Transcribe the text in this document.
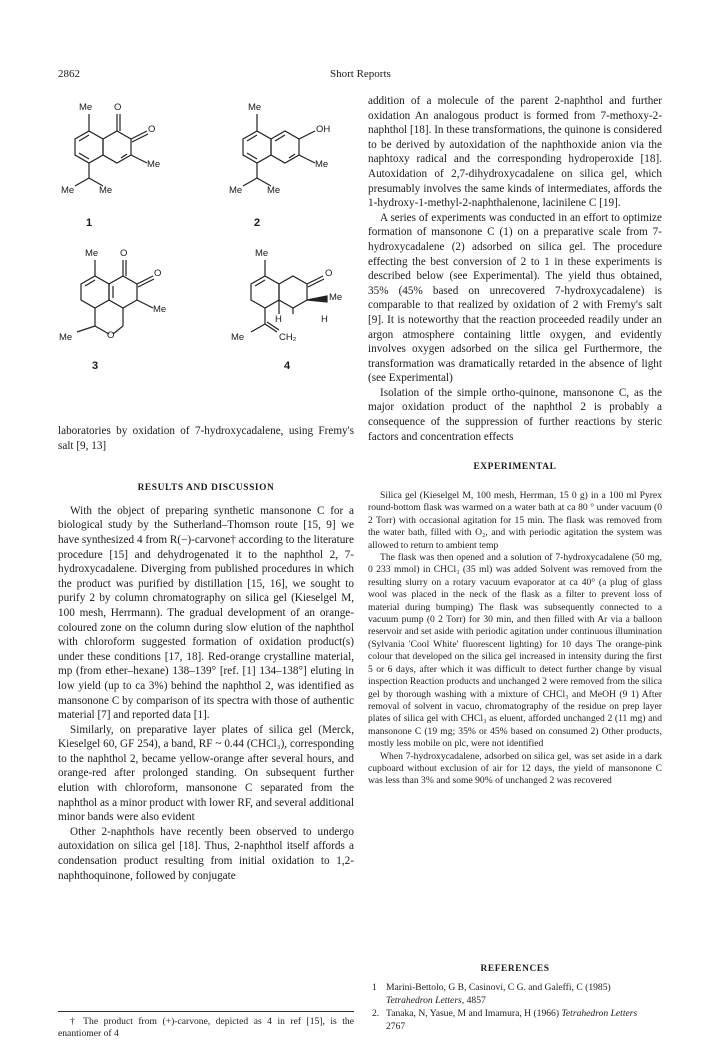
2862	Short Reports
Me O
O
Me
Me	Me
1
Me
OH
Me
Me	Me
2
Me O
O
Me
O
Me
3
Me
O
Me
H	H
Me	CH₂
4

laboratories by oxidation of 7-hydroxycadalene, using Fremy's salt [9, 13]

RESULTS AND DISCUSSION

With the object of preparing synthetic mansonone C for a biological study by the Sutherland–Thomson route [15, 9] we have synthesized 4 from R(−)-carvone† according to the literature procedure [15] and dehydrogenated it to the naphthol 2, 7-hydroxycadalene. Diverging from published procedures in which the product was purified by distillation [15, 16], we sought to purify 2 by column chromatography on silica gel (Kieselgel M, 100 mesh, Herrmann). The gradual development of an orange-coloured zone on the column during slow elution of the naphthol with chloroform suggested formation of oxidation product(s) under these conditions [17, 18]. Red-orange crystalline material, mp (from ether–hexane) 138–139° [ref. [1] 134–138°] eluting in low yield (up to ca 3%) behind the naphthol 2, was identified as mansonone C by comparison of its spectra with those of authentic material [7] and reported data [1].

Similarly, on preparative layer plates of silica gel (Merck, Kieselgel 60, GF 254), a band, RF ~ 0.44 (CHCl₃), corresponding to the naphthol 2, became yellow-orange after several hours, and orange-red after prolonged standing. On subsequent further elution with chloroform, mansonone C separated from the naphthol as a minor product with lower RF, and several additional minor bands were also evident

Other 2-naphthols have recently been observed to undergo autoxidation on silica gel [18]. Thus, 2-naphthol itself affords a condensation product resulting from initial oxidation to 1,2-naphthoquinone, followed by conjugate

† The product from (+)-carvone, depicted as 4 in ref [15], is the enantiomer of 4

addition of a molecule of the parent 2-naphthol and further oxidation An analogous product is formed from 7-methoxy-2-naphthol [18]. In these transformations, the quinone is considered to be derived by autoxidation of the naphthoxide anion via the naphtoxy radical and the corresponding hydroperoxide [18]. Autoxidation of 2,7-dihydroxycadalene on silica gel, which presumably involves the same kinds of intermediates, affords the 1-hydroxy-1-methyl-2-naphthalenone, lacinilene C [19].

A series of experiments was conducted in an effort to optimize formation of mansonone C (1) on a preparative scale from 7-hydroxycadalene (2) adsorbed on silica gel. The procedure effecting the best conversion of 2 to 1 in these experiments is described below (see Experimental). The yield thus obtained, 35% (45% based on unrecovered 7-hydroxycadalene) is comparable to that realized by oxidation of 2 with Fremy's salt [9]. It is noteworthy that the reaction proceeded readily under an argon atmosphere containing little oxygen, and evidently involves oxygen adsorbed on the silica gel Furthermore, the transformation was dramatically retarded in the absence of light (see Experimental)

Isolation of the simple ortho-quinone, mansonone C, as the major oxidation product of the naphthol 2 is probably a consequence of the suppression of further reactions by steric factors and concentration effects

EXPERIMENTAL

Silica gel (Kieselgel M, 100 mesh, Herrman, 15 0 g) in a 100 ml Pyrex round-bottom flask was warmed on a water bath at ca 80 ° under vacuum (0 2 Torr) with occasional agitation for 15 min. The flask was removed from the water bath, filled with O₂, and with periodic agitation the system was allowed to return to ambient temp

The flask was then opened and a solution of 7-hydroxycadalene (50 mg, 0 233 mmol) in CHCl₃ (35 ml) was added Solvent was removed from the resulting slurry on a rotary vacuum evaporator at ca 40° (a plug of glass wool was placed in the neck of the flask as a filter to prevent loss of material during bumping) The flask was subsequently connected to a vacuum pump (0 2 Torr) for 30 min, and then filled with Ar via a balloon reservoir and set aside with periodic agitation under continuous illumination (Sylvania 'Cool White' fluorescent lighting) for 10 days The orange-pink colour that developed on the silica gel increased in intensity during the first 5 or 6 days, after which it was difficult to detect further change by visual inspection Reaction products and unchanged 2 were removed from the silica gel by thorough washing with a mixture of CHCl₃ and MeOH (9 1) After removal of solvent in vacuo, chromatography of the residue on prep layer plates of silica gel with CHCl₃ as eluent, afforded unchanged 2 (11 mg) and mansonone C (19 mg; 35% or 45% based on consumed 2) Other products, mostly less mobile on plc, were not identified

When 7-hydroxycadalene, adsorbed on silica gel, was set aside in a dark cupboard without exclusion of air for 12 days, the yield of mansonone C was less than 3% and some 90% of unchanged 2 was recovered

REFERENCES
1 Marini-Bettolo, G B, Casinovi, C G. and Galeffi, C (1985)
Tetrahedron Letters, 4857
2. Tanaka, N, Yasue, M and Imamura, H (1966) Tetrahedron Letters
2767
